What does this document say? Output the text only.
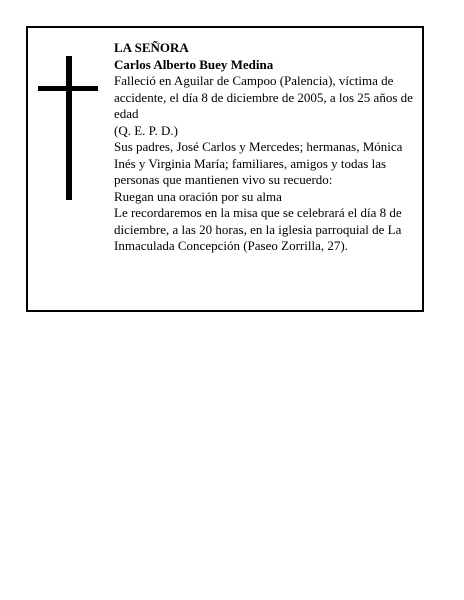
LA SEÑORA

Carlos Alberto Buey Medina

Falleció en Aguilar de Campoo (Palencia), víctima de accidente, el día 8 de diciembre de 2005, a los 25 años de edad

(Q. E. P. D.)

Sus padres, José Carlos y Mercedes; hermanas, Mónica Inés y Virginia María; familiares, amigos y todas las personas que mantienen vivo su recuerdo:

Ruegan una oración por su alma

Le recordaremos en la misa que se celebrará el día 8 de diciembre, a las 20 horas, en la iglesia parroquial de La Inmaculada Concepción (Paseo Zorrilla, 27).
